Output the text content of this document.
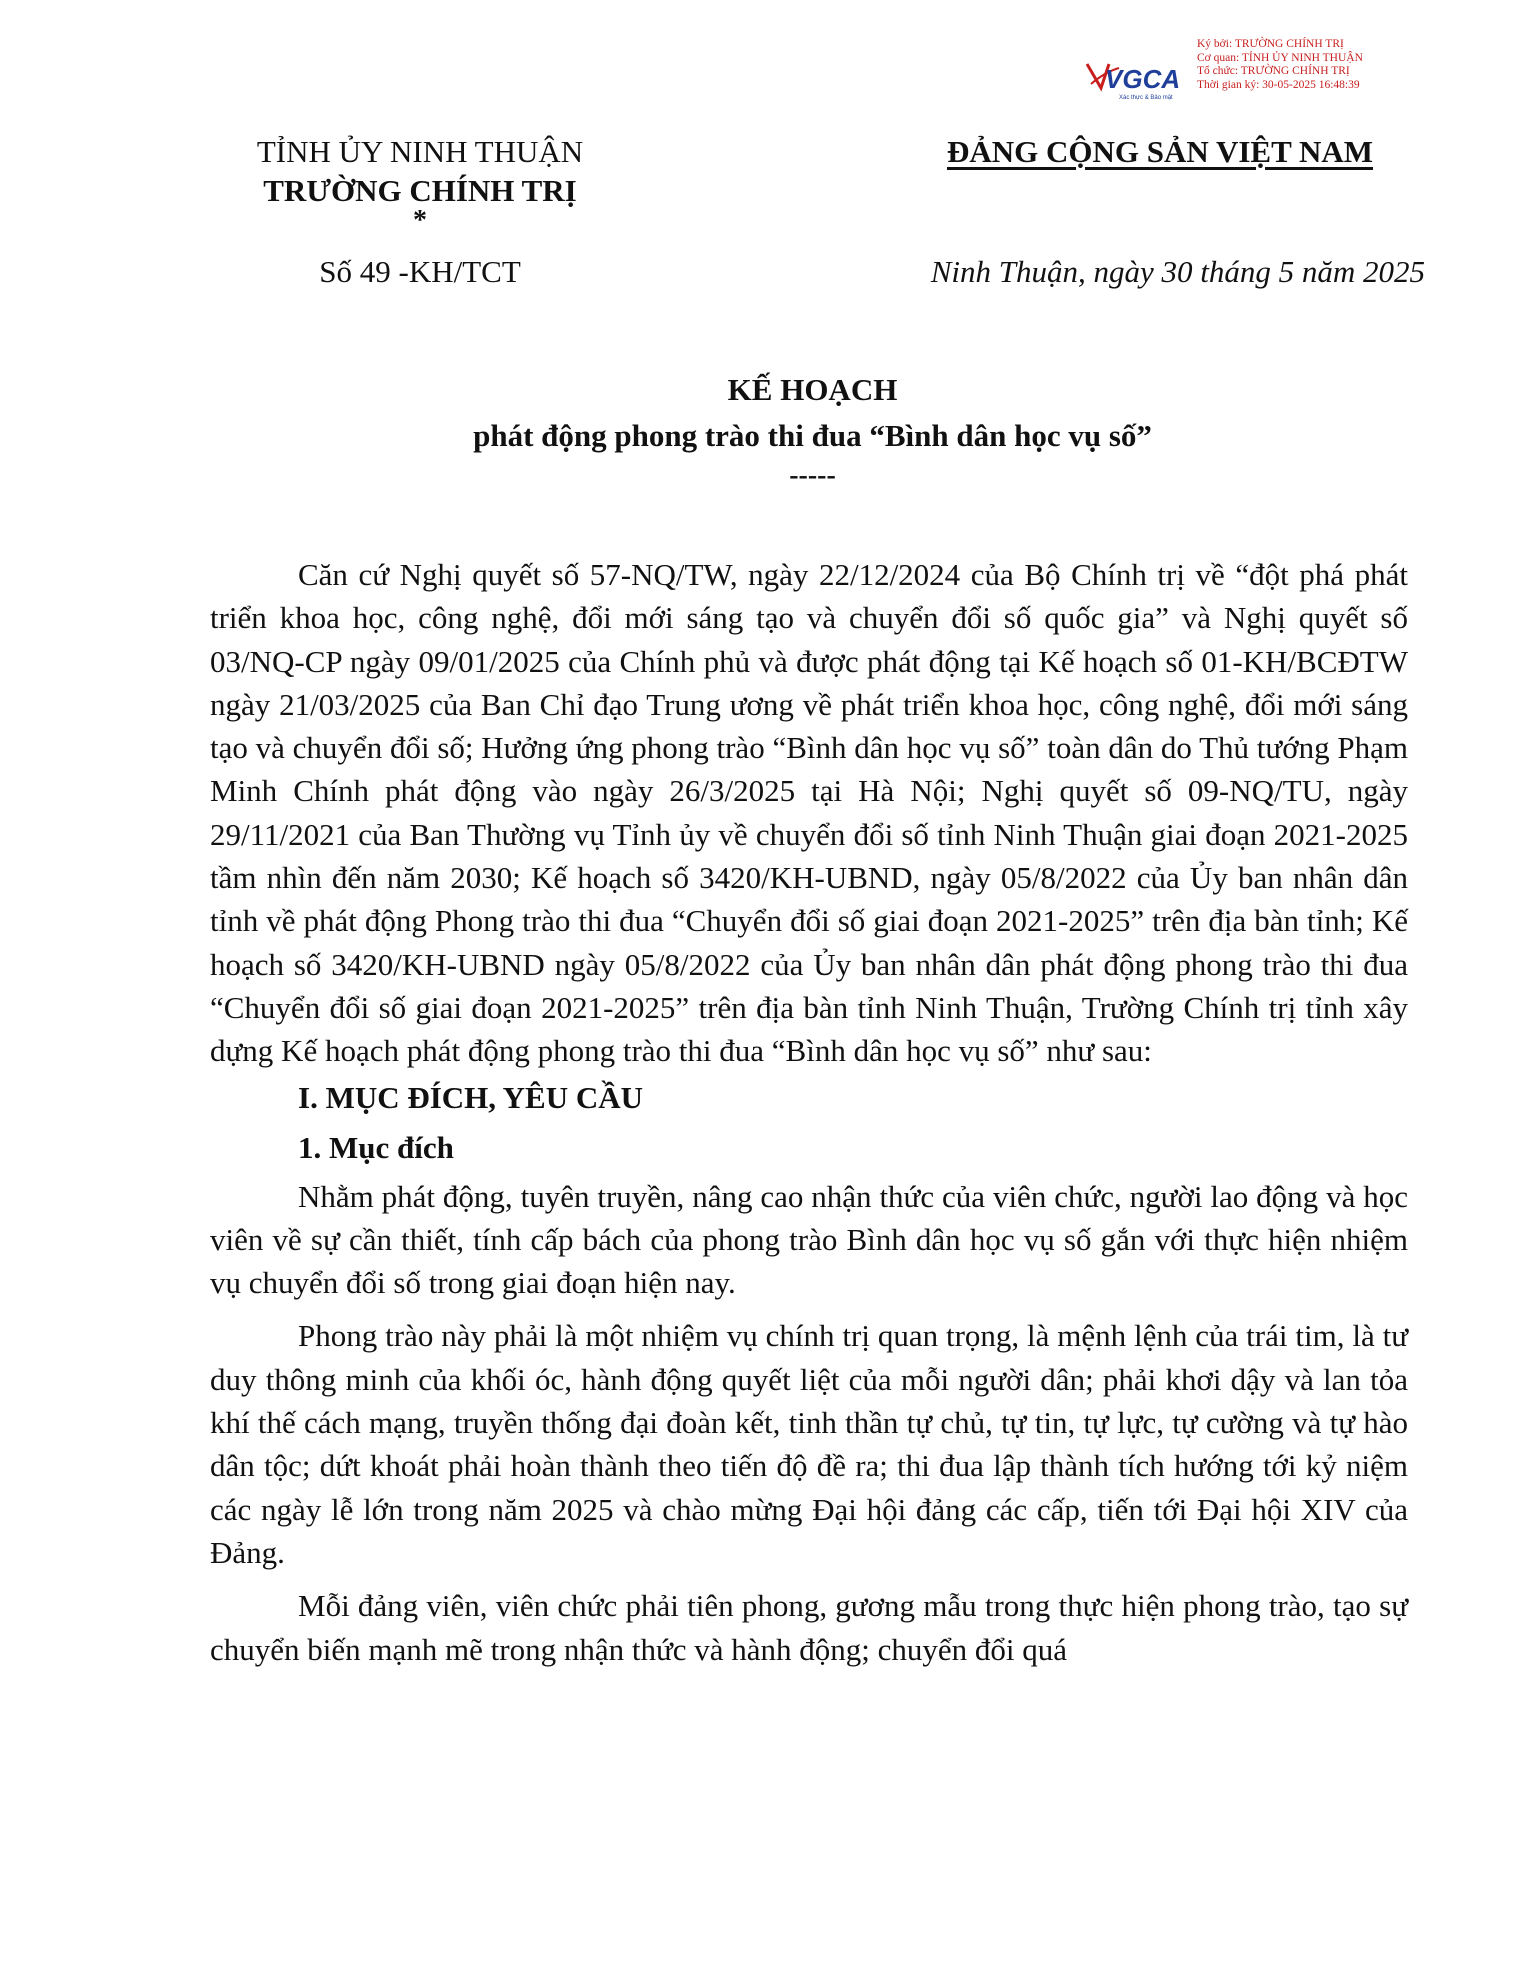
VGCA
Xác thực & Bảo mật
Ký bởi: TRƯỜNG CHÍNH TRỊ
Cơ quan: TỈNH ỦY NINH THUẬN
Tổ chức: TRƯỜNG CHÍNH TRỊ
Thời gian ký: 30-05-2025 16:48:39
TỈNH ỦY NINH THUẬN
TRƯỜNG CHÍNH TRỊ
*
Số 49 -KH/TCT
ĐẢNG CỘNG SẢN VIỆT NAM
Ninh Thuận, ngày 30 tháng 5 năm 2025
KẾ HOẠCH
phát động phong trào thi đua “Bình dân học vụ số”
-----

Căn cứ Nghị quyết số 57-NQ/TW, ngày 22/12/2024 của Bộ Chính trị về “đột phá phát triển khoa học, công nghệ, đổi mới sáng tạo và chuyển đổi số quốc gia” và Nghị quyết số 03/NQ-CP ngày 09/01/2025 của Chính phủ và được phát động tại Kế hoạch số 01-KH/BCĐTW ngày 21/03/2025 của Ban Chỉ đạo Trung ương về phát triển khoa học, công nghệ, đổi mới sáng tạo và chuyển đổi số; Hưởng ứng phong trào “Bình dân học vụ số” toàn dân do Thủ tướng Phạm Minh Chính phát động vào ngày 26/3/2025 tại Hà Nội; Nghị quyết số 09-NQ/TU, ngày 29/11/2021 của Ban Thường vụ Tỉnh ủy về chuyển đổi số tỉnh Ninh Thuận giai đoạn 2021-2025 tầm nhìn đến năm 2030; Kế hoạch số 3420/KH-UBND, ngày 05/8/2022 của Ủy ban nhân dân tỉnh về phát động Phong trào thi đua “Chuyển đổi số giai đoạn 2021-2025” trên địa bàn tỉnh; Kế hoạch số 3420/KH-UBND ngày 05/8/2022 của Ủy ban nhân dân phát động phong trào thi đua “Chuyển đổi số giai đoạn 2021-2025” trên địa bàn tỉnh Ninh Thuận, Trường Chính trị tỉnh xây dựng Kế hoạch phát động phong trào thi đua “Bình dân học vụ số” như sau:

I. MỤC ĐÍCH, YÊU CẦU

1. Mục đích

Nhằm phát động, tuyên truyền, nâng cao nhận thức của viên chức, người lao động và học viên về sự cần thiết, tính cấp bách của phong trào Bình dân học vụ số gắn với thực hiện nhiệm vụ chuyển đổi số trong giai đoạn hiện nay.

Phong trào này phải là một nhiệm vụ chính trị quan trọng, là mệnh lệnh của trái tim, là tư duy thông minh của khối óc, hành động quyết liệt của mỗi người dân; phải khơi dậy và lan tỏa khí thế cách mạng, truyền thống đại đoàn kết, tinh thần tự chủ, tự tin, tự lực, tự cường và tự hào dân tộc; dứt khoát phải hoàn thành theo tiến độ đề ra; thi đua lập thành tích hướng tới kỷ niệm các ngày lễ lớn trong năm 2025 và chào mừng Đại hội đảng các cấp, tiến tới Đại hội XIV của Đảng.

Mỗi đảng viên, viên chức phải tiên phong, gương mẫu trong thực hiện phong trào, tạo sự chuyển biến mạnh mẽ trong nhận thức và hành động; chuyển đổi quá
